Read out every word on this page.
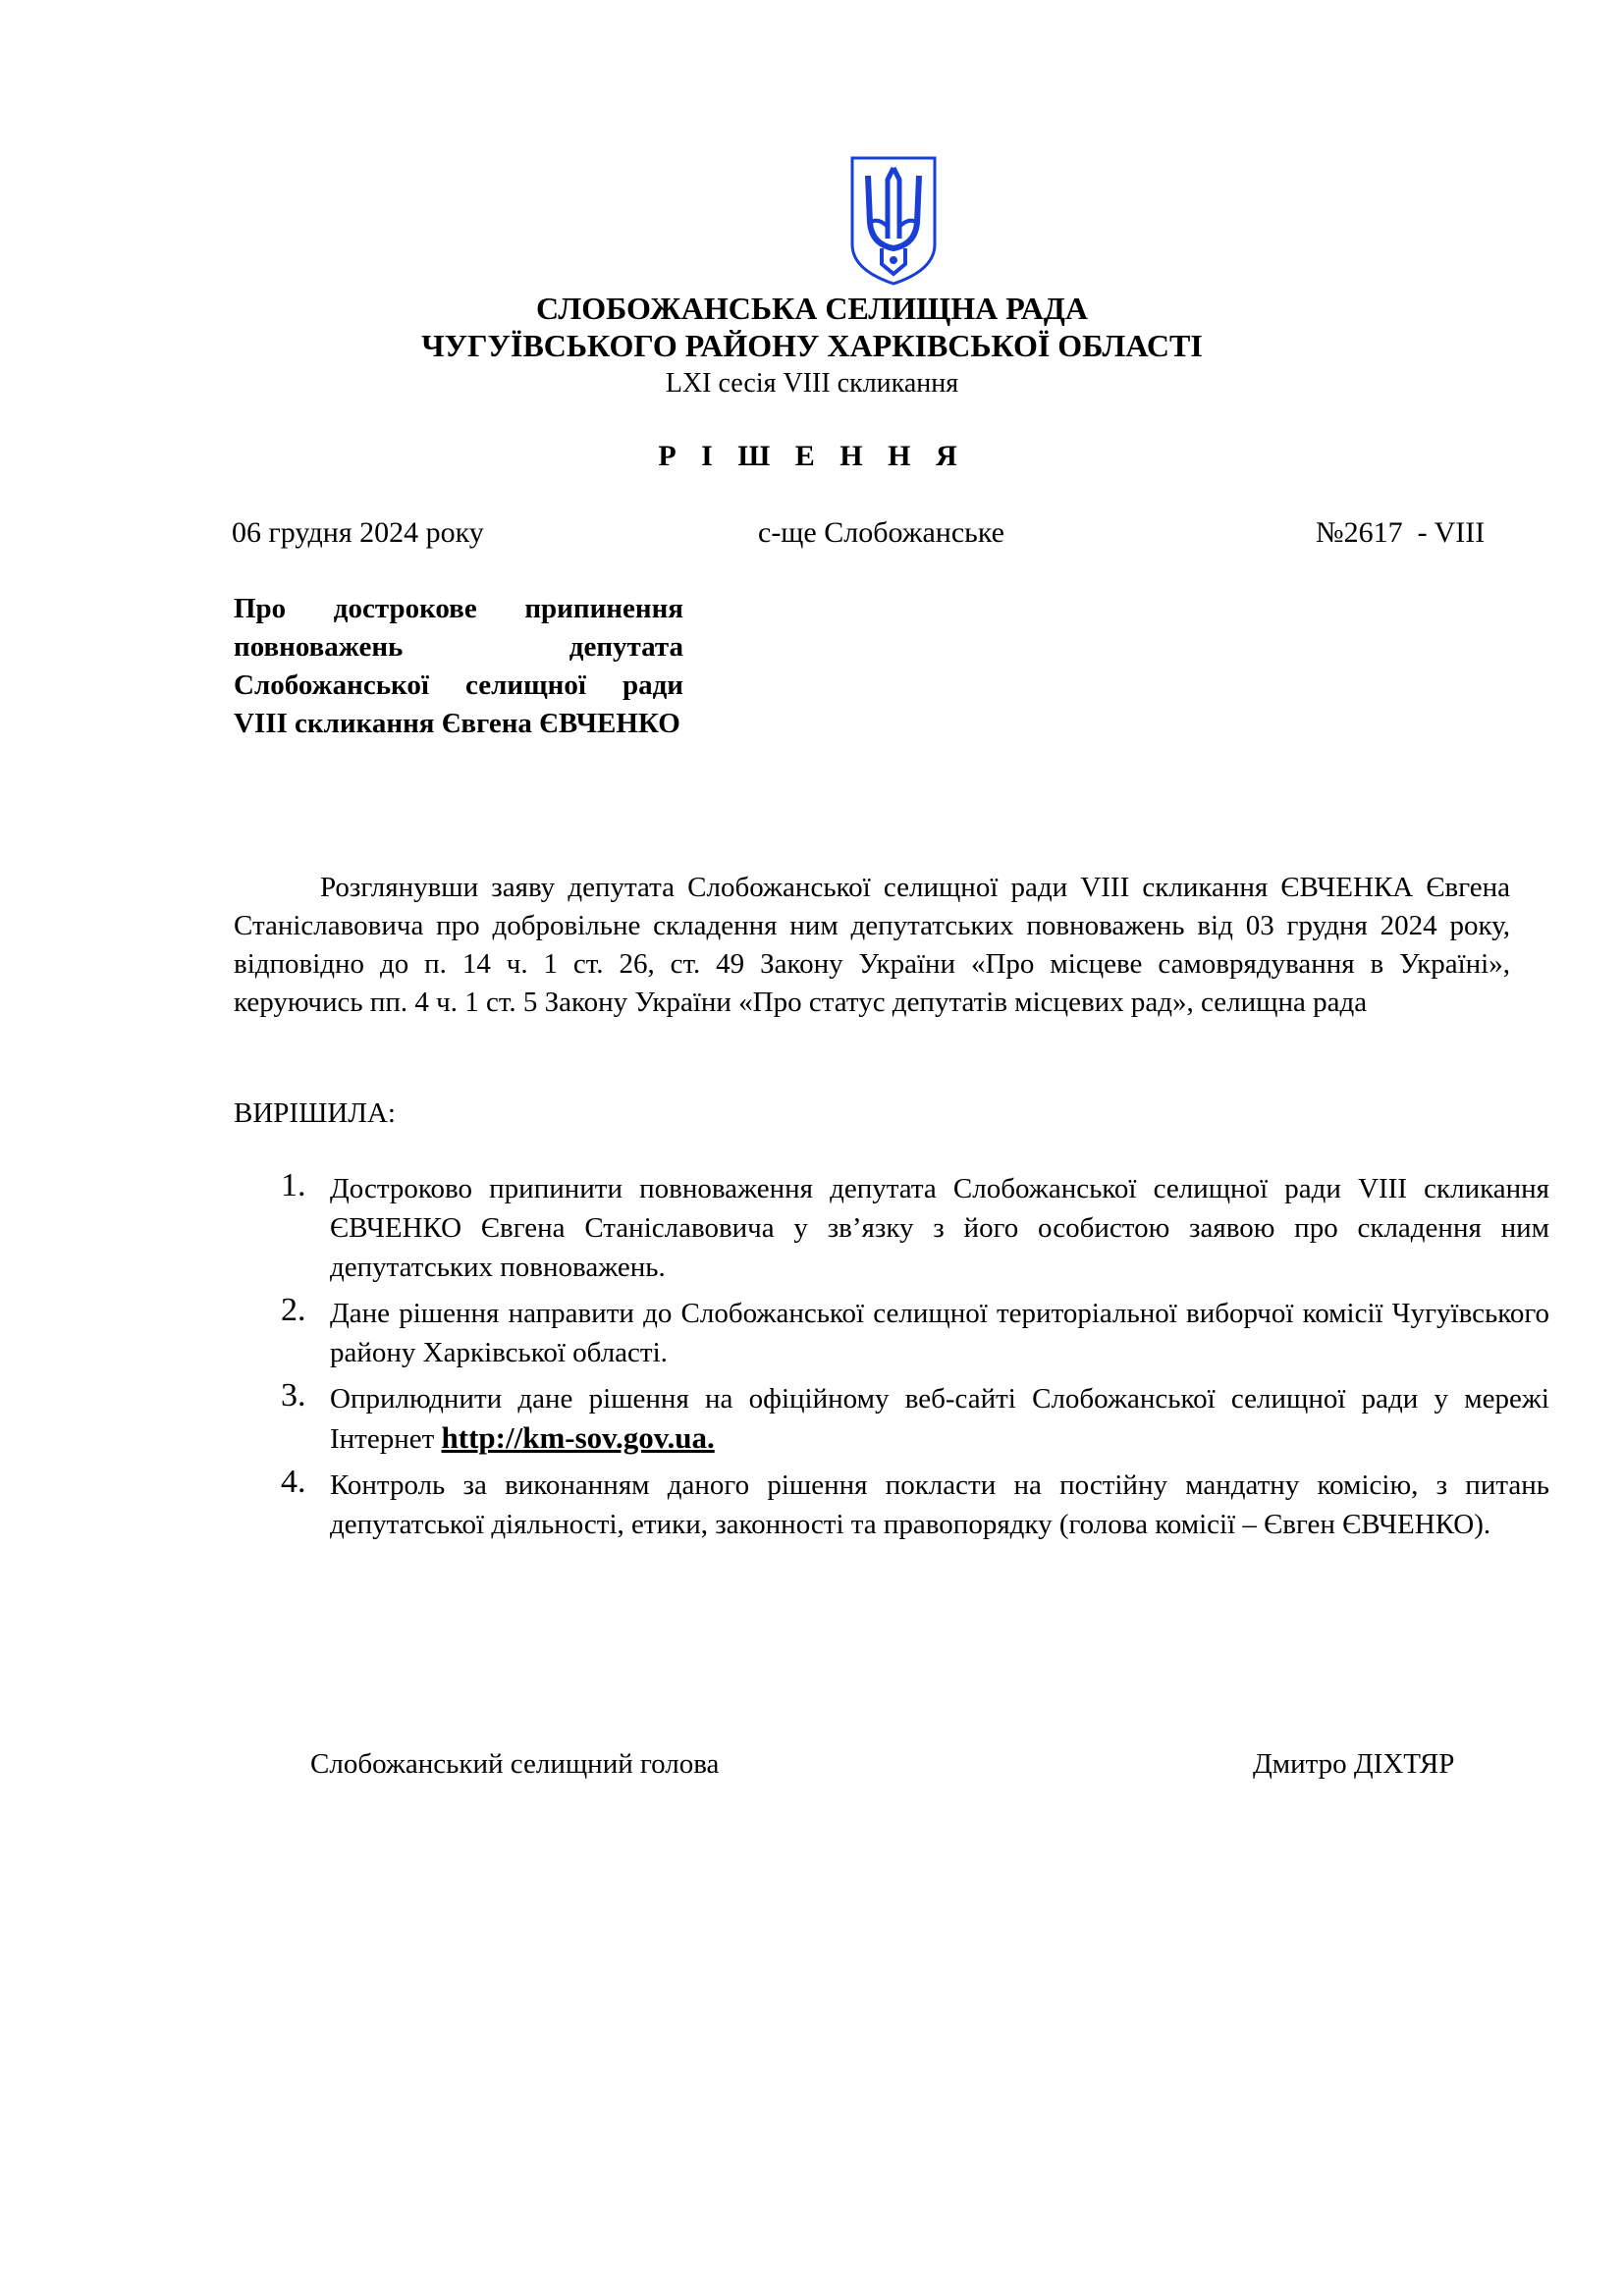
СЛОБОЖАНСЬКА СЕЛИЩНА РАДА
ЧУГУЇВСЬКОГО РАЙОНУ ХАРКІВСЬКОЇ ОБЛАСТІ
LXI сесія VIII скликання
Р І Ш Е Н Н Я
06 грудня 2024 року	с-ще Слобожанське	№2617  - VIII
Про дострокове припинення повноважень депутата Слобожанської селищної ради VIII скликання Євгена ЄВЧЕНКО
Розглянувши заяву депутата Слобожанської селищної ради VIII скликання ЄВЧЕНКА Євгена Станіславовича про добровільне складення ним депутатських повноважень від 03 грудня 2024 року, відповідно до п. 14 ч. 1 ст. 26, ст. 49 Закону України «Про місцеве самоврядування в Україні», керуючись пп. 4 ч. 1 ст. 5 Закону України «Про статус депутатів місцевих рад», селищна рада
ВИРІШИЛА:
1. Достроково припинити повноваження депутата Слобожанської селищної ради VIII скликання ЄВЧЕНКО Євгена Станіславовича у зв’язку з його особистою заявою про складення ним депутатських повноважень.
2. Дане рішення направити до Слобожанської селищної територіальної виборчої комісії Чугуївського району Харківської області.
3. Оприлюднити дане рішення на офіційному веб-сайті Слобожанської селищної ради у мережі Інтернет http://km-sov.gov.ua.
4. Контроль за виконанням даного рішення покласти на постійну мандатну комісію, з питань депутатської діяльності, етики, законності та правопорядку (голова комісії – Євген ЄВЧЕНКО).
Слобожанський селищний голова	Дмитро ДІХТЯР
